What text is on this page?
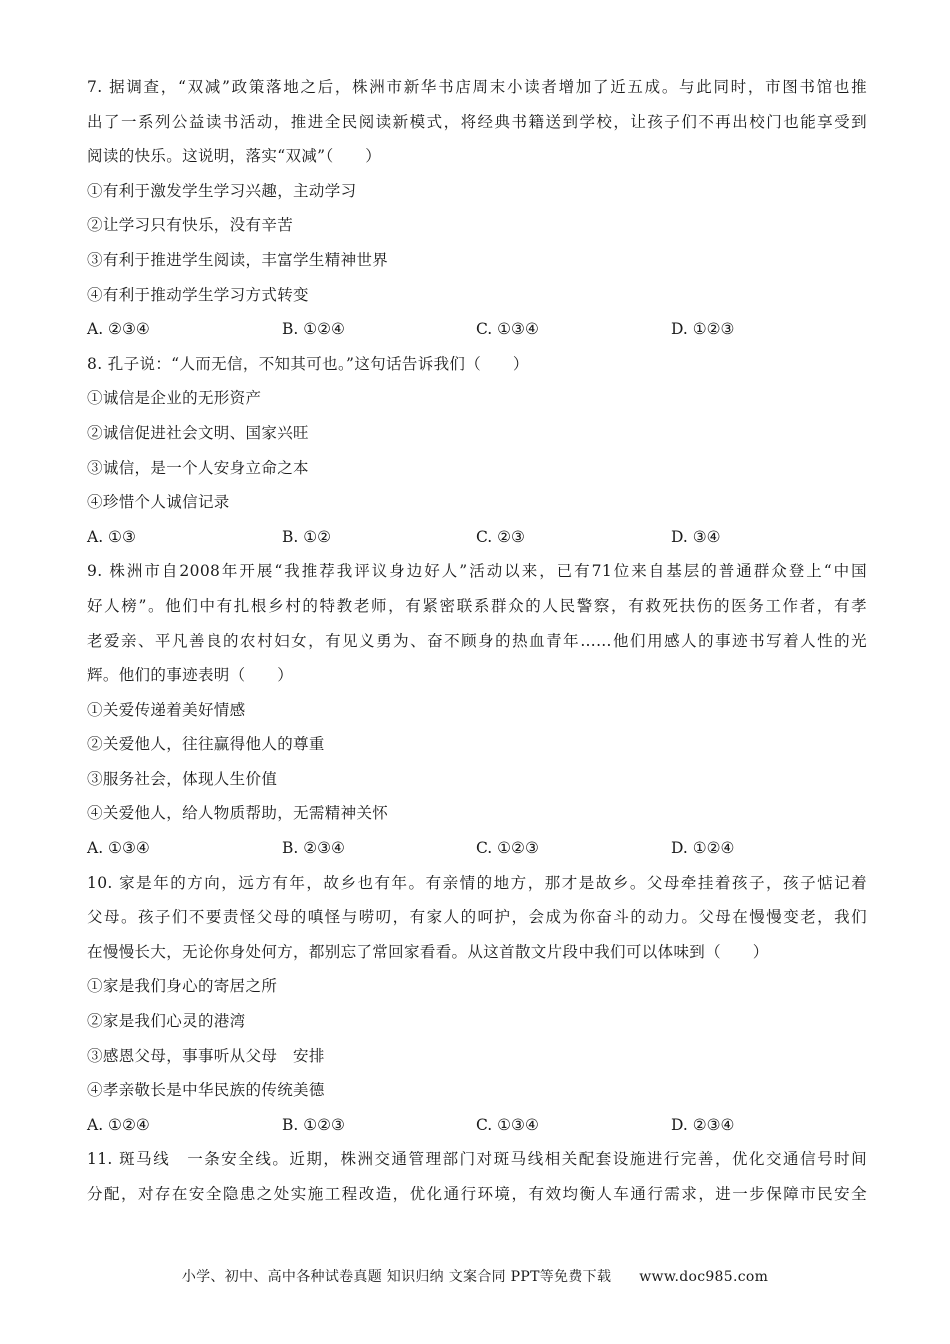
7. 据调查，“双减”政策落地之后，株洲市新华书店周末小读者增加了近五成。与此同时，市图书馆也推
出了一系列公益读书活动，推进全民阅读新模式，将经典书籍送到学校，让孩子们不再出校门也能享受到
阅读的快乐。这说明，落实“双减”（　　）
①有利于激发学生学习兴趣，主动学习
②让学习只有快乐，没有辛苦
③有利于推进学生阅读，丰富学生精神世界
④有利于推动学生学习方式转变
A. ②③④	B. ①②④	C. ①③④	D. ①②③
8. 孔子说：“人而无信，不知其可也。”这句话告诉我们（　　）
①诚信是企业的无形资产
②诚信促进社会文明、国家兴旺
③诚信，是一个人安身立命之本
④珍惜个人诚信记录
A. ①③	B. ①②	C. ②③	D. ③④
9. 株洲市自2008年开展“我推荐我评议身边好人”活动以来，已有71位来自基层的普通群众登上“中国
好人榜”。他们中有扎根乡村的特教老师，有紧密联系群众的人民警察，有救死扶伤的医务工作者，有孝
老爱亲、平凡善良的农村妇女，有见义勇为、奋不顾身的热血青年……他们用感人的事迹书写着人性的光
辉。他们的事迹表明（　　）
①关爱传递着美好情感
②关爱他人，往往赢得他人的尊重
③服务社会，体现人生价值
④关爱他人，给人物质帮助，无需精神关怀
A. ①③④	B. ②③④	C. ①②③	D. ①②④
10. 家是年的方向，远方有年，故乡也有年。有亲情的地方，那才是故乡。父母牵挂着孩子，孩子惦记着
父母。孩子们不要责怪父母的嗔怪与唠叨，有家人的呵护，会成为你奋斗的动力。父母在慢慢变老，我们
在慢慢长大，无论你身处何方，都别忘了常回家看看。从这首散文片段中我们可以体味到（　　）
①家是我们身心的寄居之所
②家是我们心灵的港湾
③感恩父母，事事听从父母　安排
④孝亲敬长是中华民族的传统美德
A. ①②④	B. ①②③	C. ①③④	D. ②③④
11. 斑马线　一条安全线。近期，株洲交通管理部门对斑马线相关配套设施进行完善，优化交通信号时间
分配，对存在安全隐患之处实施工程改造，优化通行环境，有效均衡人车通行需求，进一步保障市民安全
小学、初中、高中各种试卷真题 知识归纳 文案合同 PPT等免费下载 www.doc985.com
